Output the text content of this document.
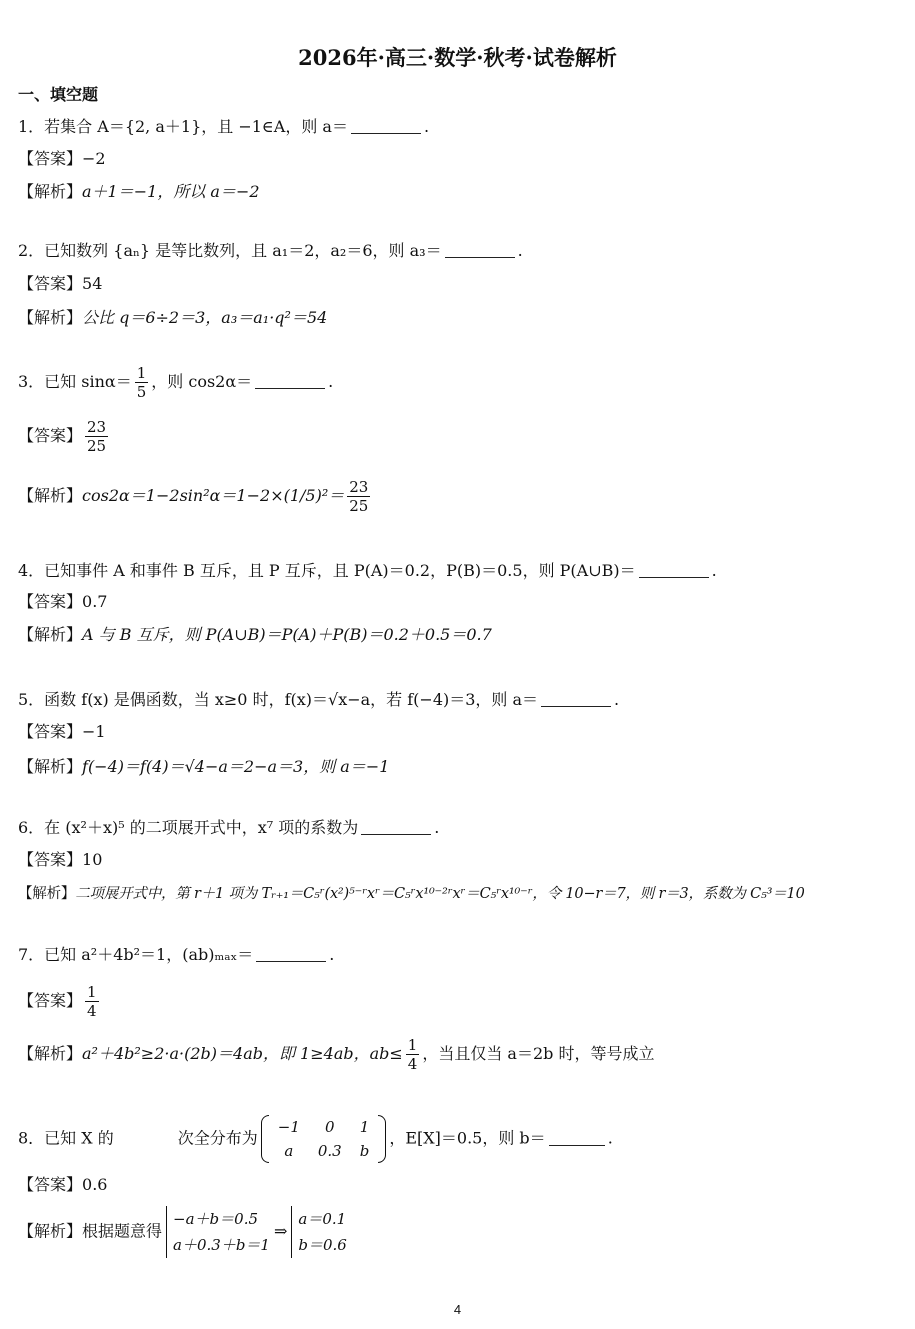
2026年·高三·数学·秋考·试卷解析
一、填空题
1．若集合 A＝{2, a＋1}，且 −1∈A，则 a＝	.
【答案】−2
【解析】a＋1＝−1，所以 a＝−2
2．已知数列 {aₙ} 是等比数列，且 a₁＝2，a₂＝6，则 a₃＝	.
【答案】54
【解析】公比 q＝6÷2＝3，a₃＝a₁·q²＝54
3．已知 $\sin\alpha= \frac{1}{5}$ ，则 cos2α＝	.
【答案】 $\frac{23}{25}$
【解析】$\cos 2\alpha=1-2\sin^2\alpha=1-2\times(1/5)^2= \frac{23}{25}$
4．已知事件 A 和事件 B 互斥，且 P 互斥，且 P(A)＝0.2，P(B)＝0.5，则 P(A∪B)＝	.
【答案】0.7
【解析】A 与 B 互斥，则 P(A∪B)＝P(A)＋P(B)＝0.2＋0.5＝0.7
5．函数 f(x) 是偶函数，当 x≥0 时，f(x)＝√x−a，若 f(−4)＝3，则 a＝	.
【答案】−1
【解析】f(−4)＝f(4)＝√4−a＝2−a＝3，则 a＝−1
6．在 (x²＋x)⁵ 的二项展开式中，x⁷ 项的系数为	.
【答案】10
【解析】二项展开式中，第 r＋1 项为 Tᵣ₊₁＝C₅ʳ(x²)⁵⁻ʳxʳ＝C₅ʳx¹⁰⁻²ʳxʳ＝C₅ʳx¹⁰⁻ʳ，令 10−r＝7，则 r＝3，系数为 C₅³＝10
7．已知 a²＋4b²＝1，(ab)ₘₐₓ＝	.
【答案】 $\frac{1}{4}$
【解析】a²＋4b²≥2·a·(2b)＝4ab，即 1≥4ab，$ab\le \frac{1}{4}$ ，当且仅当 a＝2b 时，等号成立
8．已知 X 的　　　　次全分布为
−1	0	1
a	0.3	b
，E[X]＝0.5，则 b＝	.
【答案】0.6
【解析】根据题意得
−a＋b＝0.5
a＋0.3＋b＝1
⇒
a＝0.1
b＝0.6
4
